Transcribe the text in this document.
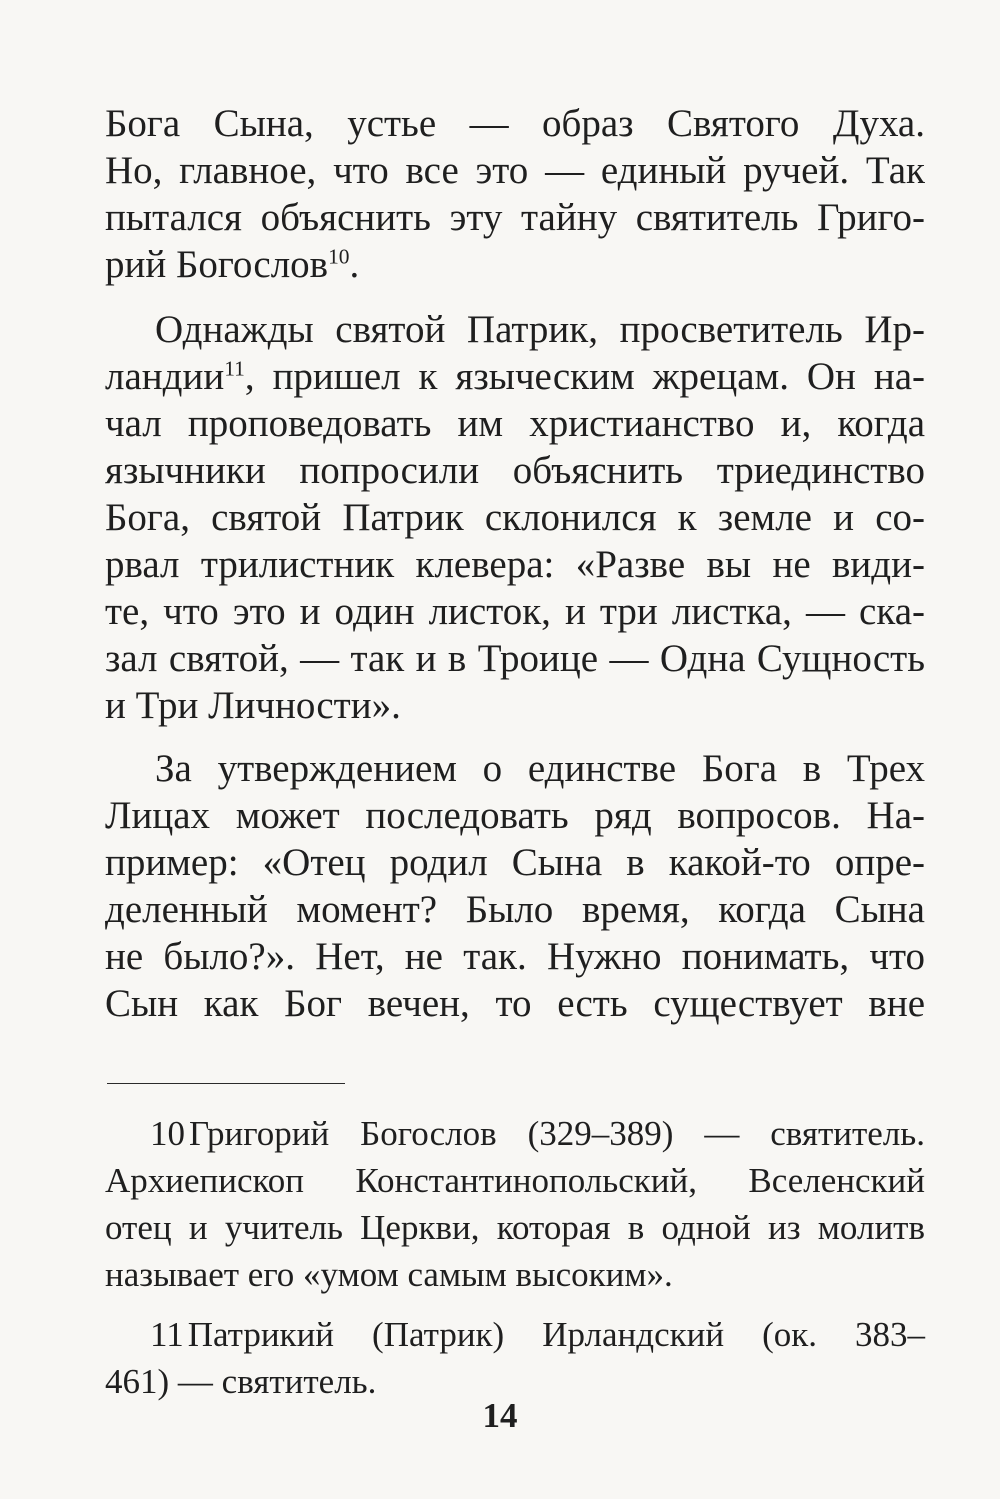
Бога Сына, устье — образ Святого Духа.
Но, главное, что все это — единый ручей. Так
пытался объяснить эту тайну святитель Григо-
рий Богослов$^{10}$.
Однажды святой Патрик, просветитель Ир-
ландии$^{11}$, пришел к языческим жрецам. Он на-
чал проповедовать им христианство и, когда
язычники попросили объяснить триединство
Бога, святой Патрик склонился к земле и со-
рвал трилистник клевера: «Разве вы не види-
те, что это и один листок, и три листка, — ска-
зал святой, — так и в Троице — Одна Сущность
и Три Личности».
За утверждением о единстве Бога в Трех
Лицах может последовать ряд вопросов. На-
пример: «Отец родил Сына в какой-то опре-
деленный момент? Было время, когда Сына
не было?». Нет, не так. Нужно понимать, что
Сын как Бог вечен, то есть существует вне
10 Григорий Богослов (329–389) — святитель.
Архиепископ Константинопольский, Вселенский
отец и учитель Церкви, которая в одной из молитв
называет его «умом самым высоким».
11 Патрикий (Патрик) Ирландский (ок. 383–
461) — святитель.
14
